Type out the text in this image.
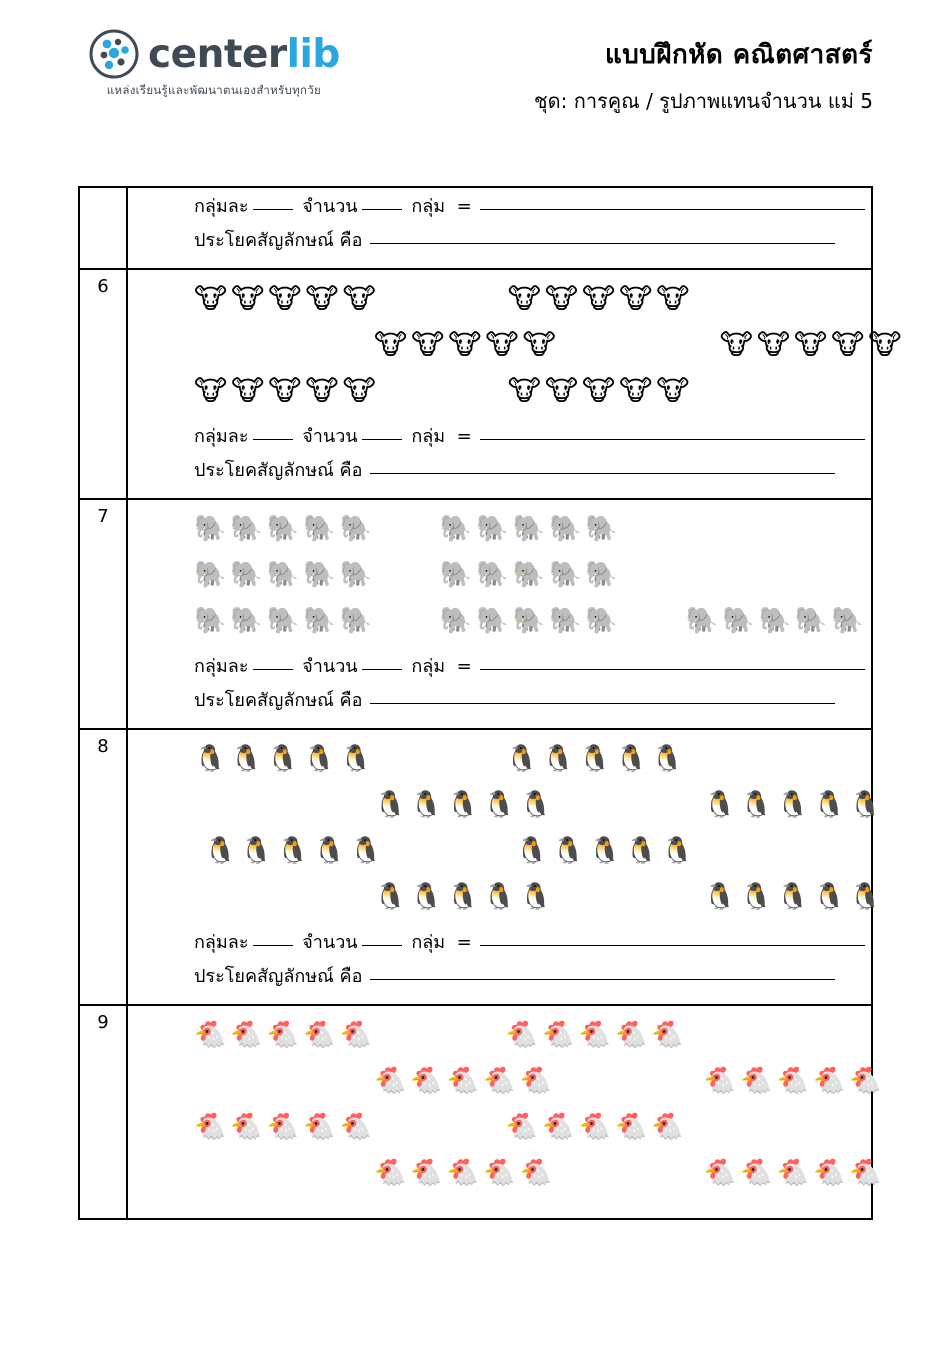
centerlib
แหล่งเรียนรู้และพัฒนาตนเองสำหรับทุกวัย
แบบฝึกหัด คณิตศาสตร์
ชุด: การคูณ / รูปภาพแทนจำนวน แม่ 5
กลุ่มละ	จำนวน	กลุ่ม =
ประโยคสัญลักษณ์ คือ
6	🐮 🐮 🐮 🐮 🐮	🐮 🐮 🐮 🐮 🐮
🐮 🐮 🐮 🐮 🐮	🐮 🐮 🐮 🐮 🐮
🐮 🐮 🐮 🐮 🐮	🐮 🐮 🐮 🐮 🐮
กลุ่มละ	จำนวน	กลุ่ม =
ประโยคสัญลักษณ์ คือ
7	🐘 🐘 🐘 🐘 🐘	🐘 🐘 🐘 🐘 🐘
🐘 🐘 🐘 🐘 🐘	🐘 🐘 🐘 🐘 🐘
🐘 🐘 🐘 🐘 🐘	🐘 🐘 🐘 🐘 🐘	🐘 🐘 🐘 🐘 🐘
กลุ่มละ	จำนวน	กลุ่ม =
ประโยคสัญลักษณ์ คือ
8	🐧 🐧 🐧 🐧 🐧	🐧 🐧 🐧 🐧 🐧
🐧 🐧 🐧 🐧 🐧	🐧 🐧 🐧 🐧 🐧
🐧 🐧 🐧 🐧 🐧	🐧 🐧 🐧 🐧 🐧
🐧 🐧 🐧 🐧 🐧	🐧 🐧 🐧 🐧 🐧
กลุ่มละ	จำนวน	กลุ่ม =
ประโยคสัญลักษณ์ คือ
9	🐔 🐔 🐔 🐔 🐔	🐔 🐔 🐔 🐔 🐔
🐔 🐔 🐔 🐔 🐔	🐔 🐔 🐔 🐔 🐔
🐔 🐔 🐔 🐔 🐔	🐔 🐔 🐔 🐔 🐔
🐔 🐔 🐔 🐔 🐔	🐔 🐔 🐔 🐔 🐔
